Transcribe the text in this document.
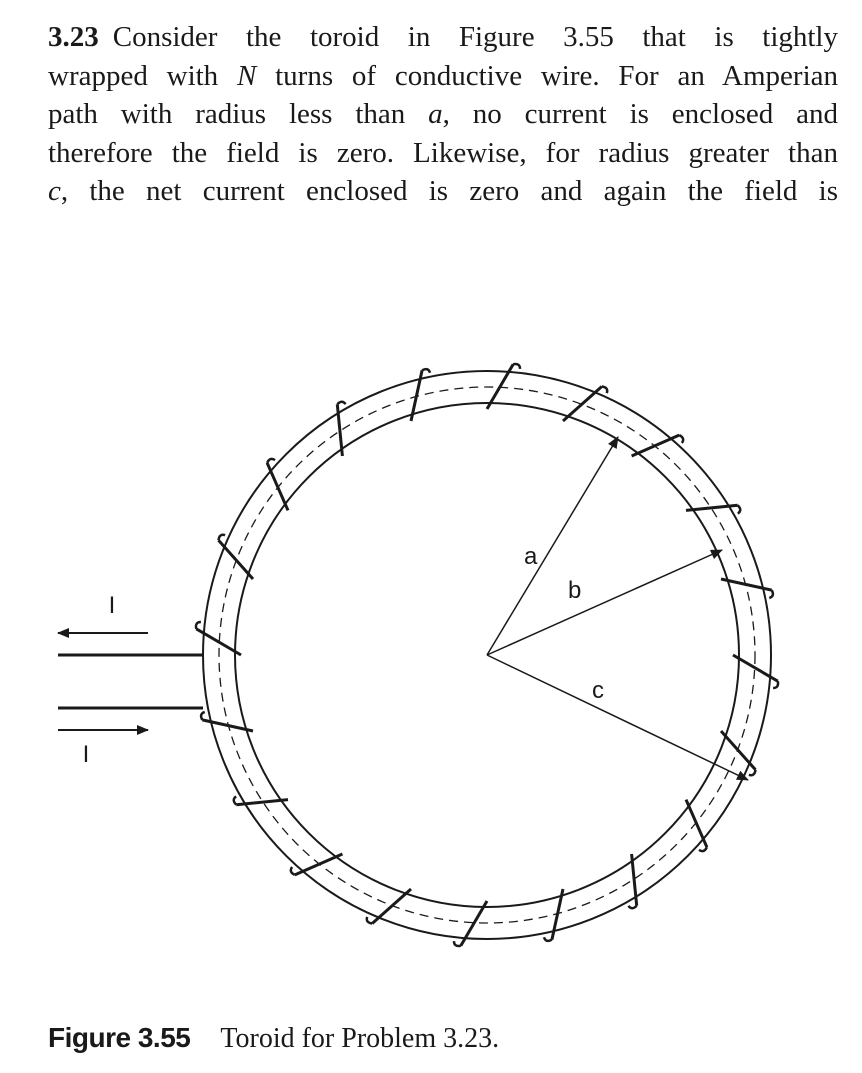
3.23 Consider the toroid in Figure 3.55 that is tightly
wrapped with N turns of conductive wire. For an Amperian
path with radius less than a, no current is enclosed and
therefore the field is zero. Likewise, for radius greater than
c, the net current enclosed is zero and again the field is
I
I
a
b
c
Figure 3.55 Toroid for Problem 3.23.
